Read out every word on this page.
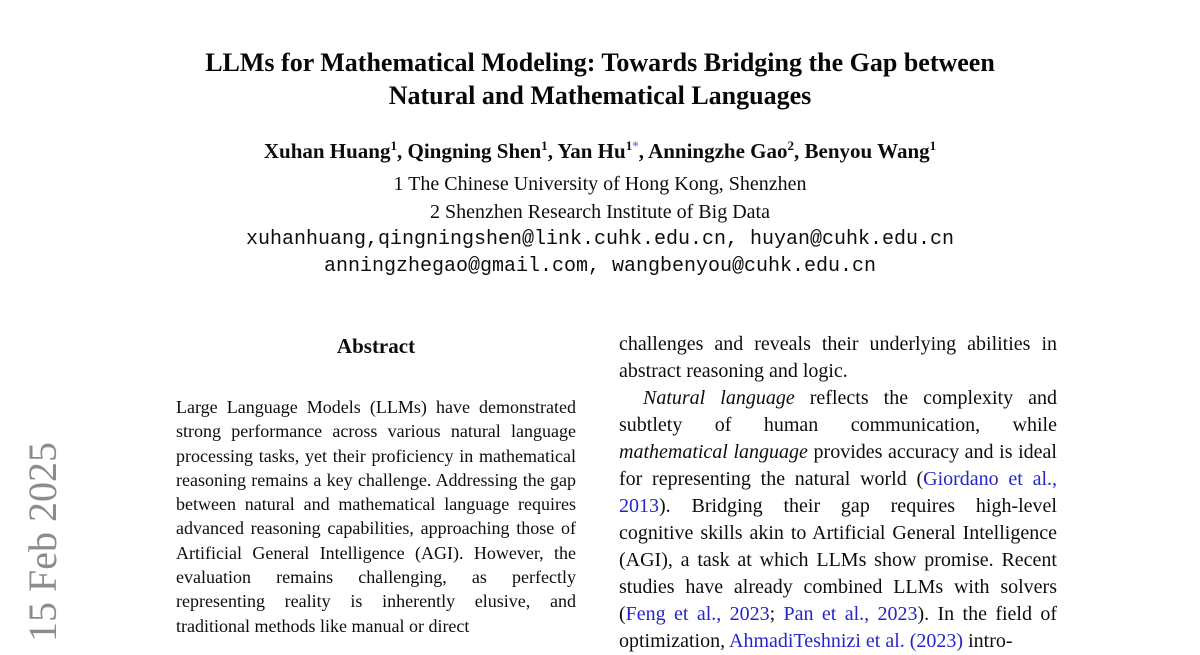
15 Feb 2025
LLMs for Mathematical Modeling: Towards Bridging the Gap between
Natural and Mathematical Languages
Xuhan Huang$^1$, Qingning Shen$^1$, Yan $Hu^{1*}$, Anningzhe Gao$^2$, Benyou Wang$^1$
1 The Chinese University of Hong Kong, Shenzhen
2 Shenzhen Research Institute of Big Data
xuhanhuang,qingningshen@link.cuhk.edu.cn, huyan@cuhk.edu.cn
anningzhegao@gmail.com, wangbenyou@cuhk.edu.cn
Abstract

Large Language Models (LLMs) have demonstrated strong performance across various natural language processing tasks, yet their proficiency in mathematical reasoning remains a key challenge. Addressing the gap between natural and mathematical language requires advanced reasoning capabilities, approaching those of Artificial General Intelligence (AGI). However, the evaluation remains challenging, as perfectly representing reality is inherently elusive, and traditional methods like manual or direct

challenges and reveals their underlying abilities in abstract reasoning and logic.

Natural language reflects the complexity and subtlety of human communication, while mathematical language provides accuracy and is ideal for representing the natural world (Giordano et al., 2013). Bridging their gap requires high-level cognitive skills akin to Artificial General Intelligence (AGI), a task at which LLMs show promise. Recent studies have already combined LLMs with solvers (Feng et al., 2023; Pan et al., 2023). In the field of optimization, AhmadiTeshnizi et al. (2023) intro-
